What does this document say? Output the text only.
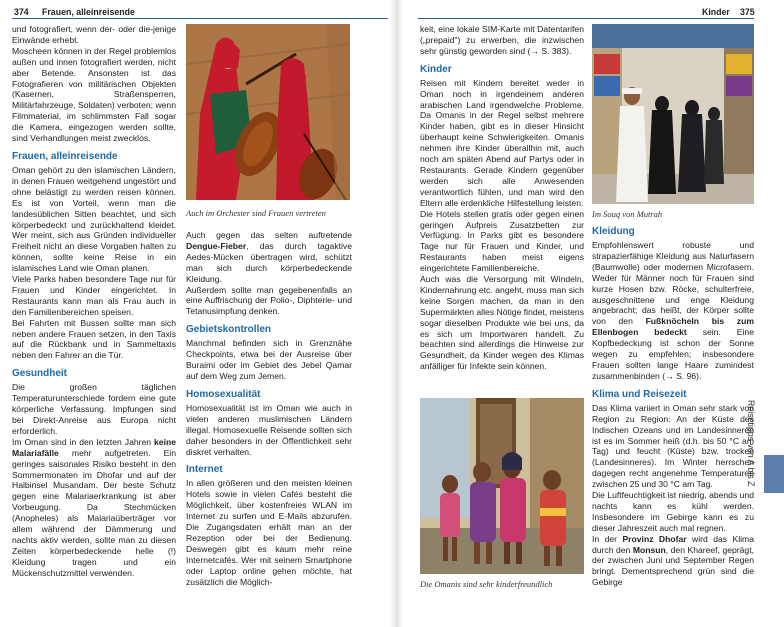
374 Frauen, alleinreisende	Kinder 375

und fotografiert, wenn der- oder die-jenige Einwände erhebt.

Moscheen können in der Regel problemlos außen und innen fotografiert werden, nicht aber Betende. Ansonsten ist das Fotografieren von militärischen Objekten (Kasernen, Straßensperren, Militärfahrzeuge, Soldaten) verboten; wenn Filmmaterial, im schlimmsten Fall sogar die Kamera, eingezogen werden sollte, sind Verhandlungen meist zwecklos.

Frauen, alleinreisende

Oman gehört zu den islamischen Ländern, in denen Frauen weitgehend ungestört und ohne belästigt zu werden reisen können. Es ist von Vorteil, wenn man die landesüblichen Sitten beachtet, und sich körperbedeckt und zurückhaltend kleidet. Wer meint, sich aus Gründen individueller Freiheit nicht an diese Vorgaben halten zu können, sollte keine Reise in ein islamisches Land wie Oman planen.

Viele Parks haben besondere Tage nur für Frauen und Kinder eingerichtet. In Restaurants kann man als Frau auch in den Familienbereichen speisen.

Bei Fahrten mit Bussen sollte man sich neben andere Frauen setzen, in den Taxis auf die Rückbank und in Sammeltaxis neben den Fahrer an die Tür.

Gesundheit

Die großen täglichen Temperaturunterschiede fordern eine gute körperliche Verfassung. Impfungen sind bei Direkt-Anreise aus Europa nicht erforderlich.

Im Oman sind in den letzten Jahren keine Malariafälle mehr aufgetreten. Ein geringes saisonales Risiko besteht in den Sommermonaten im Dhofar und auf der Halbinsel Musandam. Der beste Schutz gegen eine Malariaerkrankung ist aber Vorbeugung. Da Stechmücken (Anopheles) als Malariaüberträger vor allem während der Dämmerung und nachts aktiv werden, sollte man zu diesen Zeiten körperbedeckende helle (!) Kleidung tragen und ein Mückenschutzmittel verwenden.

Auch im Orchester sind Frauen vertreten

Auch gegen das selten auftretende Dengue-Fieber, das durch tagaktive Aedes-Mücken übertragen wird, schützt man sich durch körperbedeckende Kleidung.

Außerdem sollte man gegebenenfalls an eine Auffrischung der Polio-, Diphterie- und Tetanusimpfung denken.

Gebietskontrollen

Manchmal befinden sich in Grenznähe Checkpoints, etwa bei der Ausreise über Buraimi oder im Gebiet des Jebel Qamar auf dem Weg zum Jemen.

Homosexualität

Homosexualität ist im Oman wie auch in vielen anderen muslimischen Ländern illegal. Homosexuelle Reisende sollten sich daher besonders in der Öffentlichkeit sehr diskret verhalten.

Internet

In allen größeren und den meisten kleinen Hotels sowie in vielen Cafés besteht die Möglichkeit, über kostenfreies WLAN im Internet zu surfen und E-Mails abzurufen. Die Zugangsdaten erhält man an der Rezeption oder bei der Bedienung. Deswegen gibt es kaum mehr reine Internetcafés. Wer mit seinem Smartphone oder Laptop online gehen möchte, hat zusätzlich die Möglich-

keit, eine lokale SIM-Karte mit Datentarifen („prepaid") zu erwerben, die inzwischen sehr günstig geworden sind (→ S. 383).

Kinder

Reisen mit Kindern bereitet weder in Oman noch in irgendeinem anderen arabischen Land irgendwelche Probleme. Da Omanis in der Regel selbst mehrere Kinder haben, gibt es in dieser Hinsicht überhaupt keine Schwierigkeiten. Omanis nehmen ihre Kinder überallhin mit, auch noch am späten Abend auf Partys oder in Restaurants. Gerade Kindern gegenüber werden sich alle Anwesenden verantwortlich fühlen, und man wird den Eltern alle erdenkliche Hilfestellung leisten.

Die Hotels stellen gratis oder gegen einen geringen Aufpreis Zusatzbetten zur Verfügung. In Parks gibt es besondere Tage nur für Frauen und Kinder, und Restaurants haben meist eigens eingerichtete Familienbereiche.

Auch was die Versorgung mit Windeln, Kindernahrung etc. angeht, muss man sich keine Sorgen machen, da man in den Supermärkten alles Nötige findet, meistens sogar dieselben Produkte wie bei uns, da es sich um Importwaren handelt. Zu beachten sind allerdings die Hinweise zur Gesundheit, da Kinder wegen des Klimas anfälliger für Infekte sein können.

Die Omanis sind sehr kinderfreundlich
Im Souq von Mutrah
Kleidung

Empfohlenswert robuste und strapazierfähige Kleidung aus Naturfasern (Baumwolle) oder modernen Microfasern. Weder für Männer noch für Frauen sind kurze Hosen bzw. Röcke, schulterfreie, ausgeschnittene und enge Kleidung angebracht; das heißt, der Körper sollte von den Fußknöcheln bis zum Ellenbogen bedeckt sein. Eine Kopfbedeckung ist schon der Sonne wegen zu empfehlen; insbesondere Frauen sollten lange Haare zumindest zusammenbinden (→ S. 96).

Klima und Reisezeit

Das Klima variiert in Oman sehr stark von Region zu Region: An der Küste des Indischen Ozeans und im Landesinneren ist es im Sommer heiß (d.h. bis 50 °C am Tag) und feucht (Küste) bzw. trocken (Landesinneres). Im Winter herrschen dagegen recht angenehme Temperaturen zwischen 25 und 30 °C am Tag.

Die Luftfeuchtigkeit ist niedrig, abends und nachts kann es kühl werden. Insbesondere im Gebirge kann es zu dieser Jahreszeit auch mal regnen.

In der Provinz Dhofar wird das Klima durch den Monsun, den Khareef, geprägt, der zwischen Juni und September Regen bringt. Dementsprechend grün sind die Gebirge

Reisetipps von A bis Z
